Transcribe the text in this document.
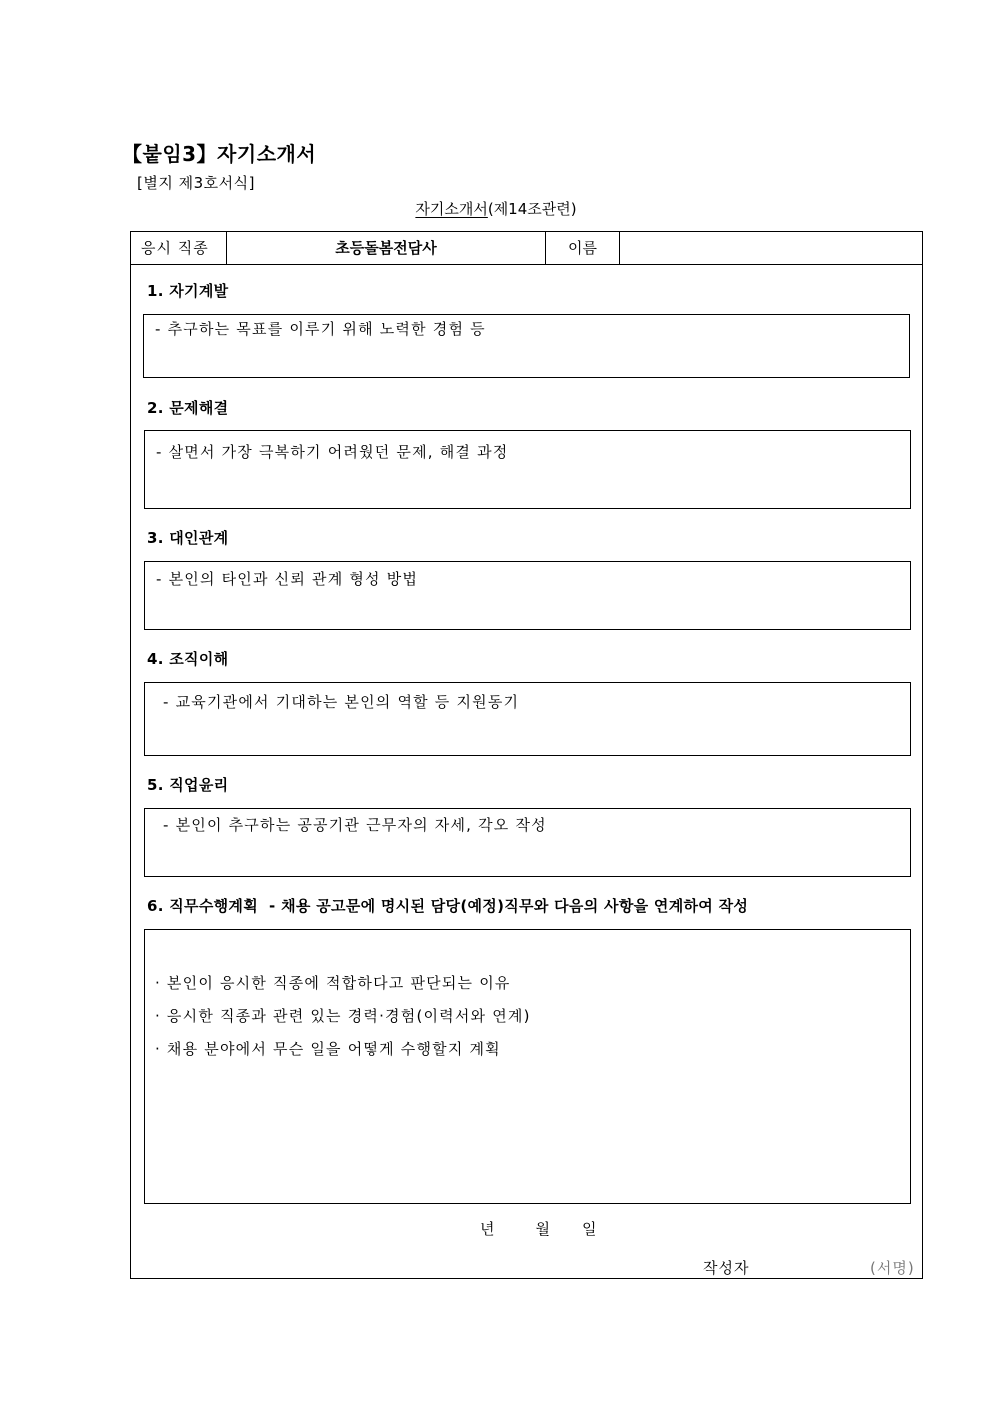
【붙임3】자기소개서
[별지 제3호서식]
자기소개서(제14조관련)
응시 직종	초등돌봄전담사	이름
1. 자기계발
- 추구하는 목표를 이루기 위해 노력한 경험 등
2. 문제해결
- 살면서 가장 극복하기 어려웠던 문제, 해결 과정
3. 대인관계
- 본인의 타인과 신뢰 관계 형성 방법
4. 조직이해
- 교육기관에서 기대하는 본인의 역할 등 지원동기
5. 직업윤리
- 본인이 추구하는 공공기관 근무자의 자세, 각오 작성
6. 직무수행계획  - 채용 공고문에 명시된 담당(예정)직무와 다음의 사항을 연계하여 작성
· 본인이 응시한 직종에 적합하다고 판단되는 이유
· 응시한 직종과 관련 있는 경력·경험(이력서와 연계)
· 채용 분야에서 무슨 일을 어떻게 수행할지 계획
년	월 일
작성자	(서명)
